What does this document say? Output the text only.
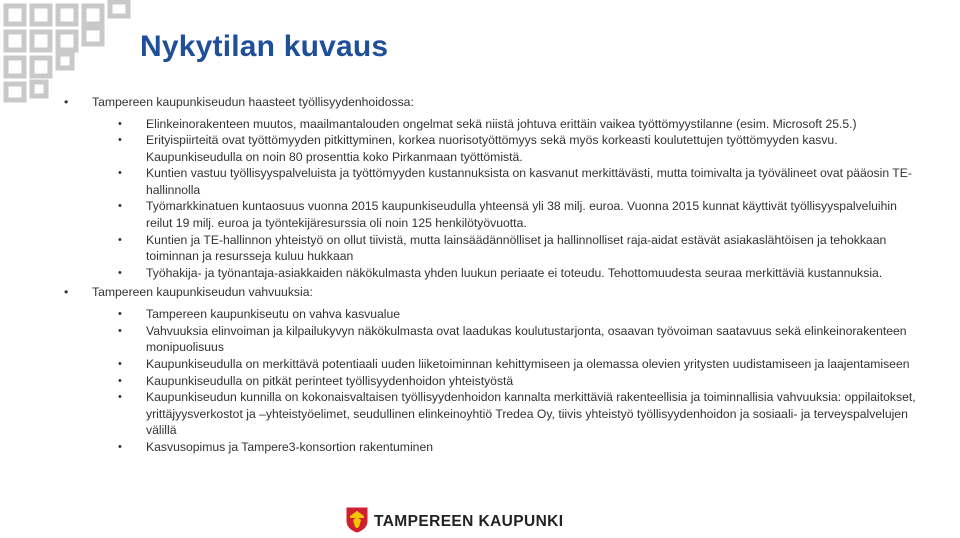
Nykytilan kuvaus
• Tampereen kaupunkiseudun haasteet työllisyydenhoidossa:
• Elinkeinorakenteen muutos, maailmantalouden ongelmat sekä niistä johtuva erittäin vaikea työttömyystilanne (esim. Microsoft 25.5.)
• Erityispiirteitä ovat työttömyyden pitkittyminen, korkea nuorisotyöttömyys sekä myös korkeasti koulutettujen työttömyyden kasvu. Kaupunkiseudulla on noin 80 prosenttia koko Pirkanmaan työttömistä.
• Kuntien vastuu työllisyyspalveluista ja työttömyyden kustannuksista on kasvanut merkittävästi, mutta toimivalta ja työvälineet ovat pääosin TE-hallinnolla
• Työmarkkinatuen kuntaosuus vuonna 2015 kaupunkiseudulla yhteensä yli 38 milj. euroa. Vuonna 2015 kunnat käyttivät työllisyyspalveluihin reilut 19 milj. euroa ja työntekijäresurssia oli noin 125 henkilötyövuotta.
• Kuntien ja TE-hallinnon yhteistyö on ollut tiivistä, mutta lainsäädännölliset ja hallinnolliset raja-aidat estävät asiakaslähtöisen ja tehokkaan toiminnan ja resursseja kuluu hukkaan
• Työhakija- ja työnantaja-asiakkaiden näkökulmasta yhden luukun periaate ei toteudu. Tehottomuudesta seuraa merkittäviä kustannuksia.
• Tampereen kaupunkiseudun vahvuuksia:
• Tampereen kaupunkiseutu on vahva kasvualue
• Vahvuuksia elinvoiman ja kilpailukyvyn näkökulmasta ovat laadukas koulutustarjonta, osaavan työvoiman saatavuus sekä elinkeinorakenteen monipuolisuus
• Kaupunkiseudulla on merkittävä potentiaali uuden liiketoiminnan kehittymiseen ja olemassa olevien yritysten uudistamiseen ja laajentamiseen
• Kaupunkiseudulla on pitkät perinteet työllisyydenhoidon yhteistyöstä
• Kaupunkiseudun kunnilla on kokonaisvaltaisen työllisyydenhoidon kannalta merkittäviä rakenteellisia ja toiminnallisia vahvuuksia: oppilaitokset, yrittäjyysverkostot ja –yhteistyöelimet, seudullinen elinkeinoyhtiö Tredea Oy, tiivis yhteistyö työllisyydenhoidon ja sosiaali- ja terveyspalvelujen välillä
• Kasvusopimus ja Tampere3-konsortion rakentuminen
TAMPEREEN KAUPUNKI
